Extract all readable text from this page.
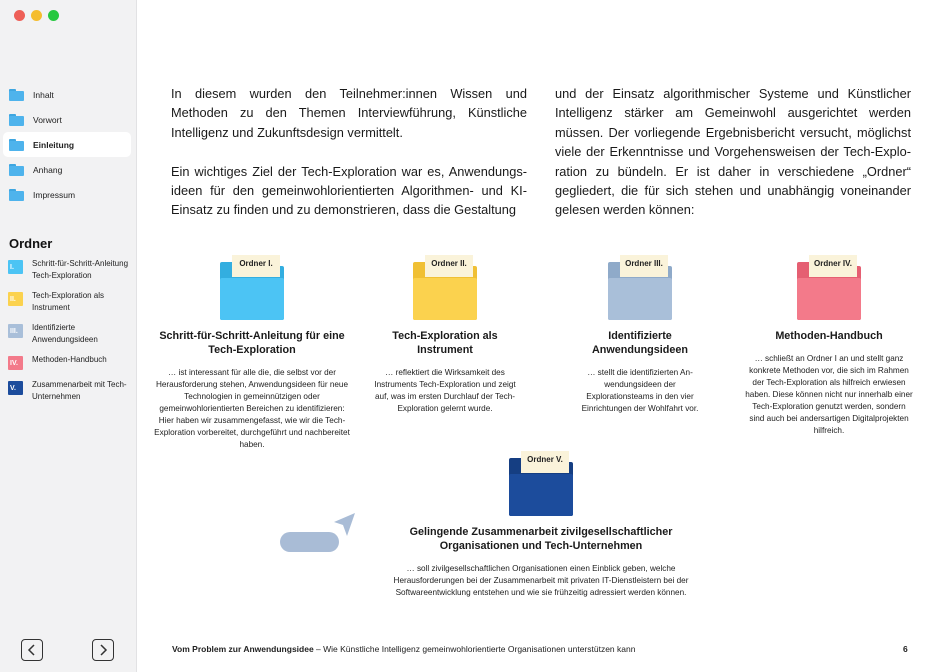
Inhalt
Vorwort
Einleitung
Anhang
Impressum
Ordner
I.	Schritt-für-Schritt-Anleitung Tech-Exploration
II.	Tech-Exploration als Instrument
III.	Identifizierte Anwendungsideen
IV.	Methoden-Handbuch
V.	Zusammenarbeit mit Tech-Unternehmen

In diesem wurden den Teilnehmer:innen Wissen und Methoden zu den Themen Interviewführung, Künstliche Intelligenz und Zukunftsdesign vermittelt.

Ein wichtiges Ziel der Tech-Exploration war es, Anwendungsideen für den gemeinwohlorientierten Algorithmen- und KI-Einsatz zu finden und zu demonstrieren, dass die Gestaltung

und der Einsatz algorithmischer Systeme und Künstlicher Intelligenz stärker am Gemeinwohl ausgerichtet werden müssen. Der vorliegende Ergebnisbericht versucht, möglichst viele der Erkenntnisse und Vorgehensweisen der Tech-Exploration zu bündeln. Er ist daher in verschiedene „Ordner“ gegliedert, die für sich stehen und unabhängig voneinander gelesen werden können:

Ordner I.
Schritt-für-Schritt-Anleitung für eine Tech-Exploration
… ist interessant für alle die, die selbst vor der Herausforderung stehen, Anwendungsideen für neue Technologien in gemeinnützigen oder gemeinwohlorientierten Bereichen zu identifizieren: Hier haben wir zusammengefasst, wie wir die Tech-Exploration vorbereitet, durchgeführt und nachbereitet haben.
Ordner II.
Tech-Exploration als Instrument
… reflektiert die Wirksamkeit des Instruments Tech-Exploration und zeigt auf, was im ersten Durchlauf der Tech-Exploration gelernt wurde.
Ordner III.
Identifizierte Anwendungsideen
… stellt die identifizierten Anwendungsideen der Explorationsteams in den vier Einrichtungen der Wohlfahrt vor.
Ordner IV.
Methoden-Handbuch
… schließt an Ordner I an und stellt ganz konkrete Methoden vor, die sich im Rahmen der Tech-Exploration als hilfreich erwiesen haben. Diese können nicht nur innerhalb einer Tech-Exploration genutzt werden, sondern sind auch bei andersartigen Digitalprojekten hilfreich.
Ordner V.
Gelingende Zusammenarbeit zivilgesellschaftlicher Organisationen und Tech-Unternehmen
… soll zivilgesellschaftlichen Organisationen einen Einblick geben, welche Herausforderungen bei der Zusammenarbeit mit privaten IT-Dienstleistern bei der Softwareentwicklung entstehen und wie sie frühzeitig adressiert werden können.
Vom Problem zur Anwendungsidee – Wie Künstliche Intelligenz gemeinwohlorientierte Organisationen unterstützen kann	6
